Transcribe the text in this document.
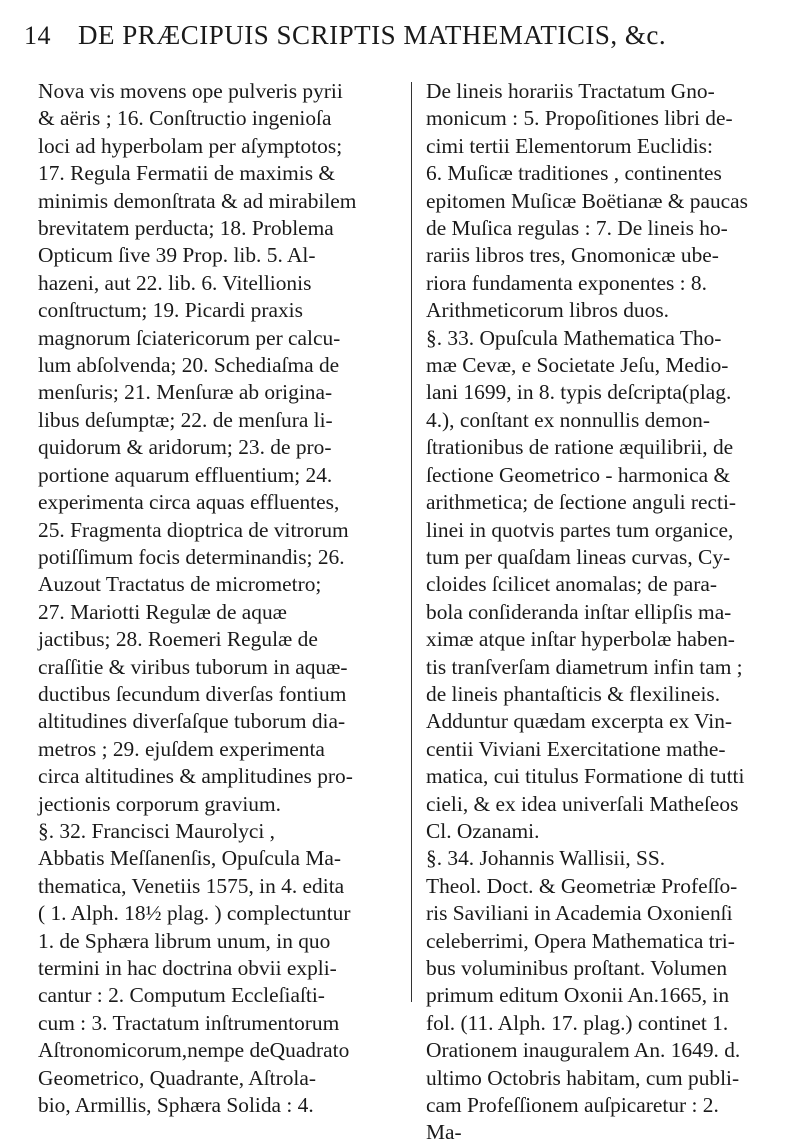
14	DE PRÆCIPUIS SCRIPTIS MATHEMATICIS, &c.
Nova vis movens ope pulveris pyrii
& aëris ; 16. Conſtructio ingenioſa
loci ad hyperbolam per aſymptotos;
17. Regula Fermatii de maximis &
minimis demonſtrata & ad mirabilem
brevitatem perducta; 18. Problema
Opticum ſive 39 Prop. lib. 5. Al-
hazeni, aut 22. lib. 6. Vitellionis
conſtructum; 19. Picardi praxis
magnorum ſciatericorum per calcu-
lum abſolvenda; 20. Schediaſma de
menſuris; 21. Menſuræ ab origina-
libus deſumptæ; 22. de menſura li-
quidorum & aridorum; 23. de pro-
portione aquarum effluentium; 24.
experimenta circa aquas effluentes,
25. Fragmenta dioptrica de vitrorum
potiſſimum focis determinandis; 26.
Auzout Tractatus de micrometro;
27. Mariotti Regulæ de aquæ
jactibus; 28. Roemeri Regulæ de
craſſitie & viribus tuborum in aquæ-
ductibus ſecundum diverſas fontium
altitudines diverſaſque tuborum dia-
metros ; 29. ejuſdem experimenta
circa altitudines & amplitudines pro-
jectionis corporum gravium.
§. 32. Francisci Maurolyci ,
Abbatis Meſſanenſis, Opuſcula Ma-
thematica, Venetiis 1575, in 4. edita
( 1. Alph. 18½ plag. ) complectuntur
1. de Sphæra librum unum, in quo
termini in hac doctrina obvii expli-
cantur : 2. Computum Eccleſiaſti-
cum : 3. Tractatum inſtrumentorum
Aſtronomicorum,nempe deQuadrato
Geometrico, Quadrante, Aſtrola-
bio, Armillis, Sphæra Solida : 4.
De lineis horariis Tractatum Gno-
monicum : 5. Propoſitiones libri de-
cimi tertii Elementorum Euclidis:
6. Muſicæ traditiones , continentes
epitomen Muſicæ Boëtianæ & paucas
de Muſica regulas : 7. De lineis ho-
rariis libros tres, Gnomonicæ ube-
riora fundamenta exponentes : 8.
Arithmeticorum libros duos.
§. 33. Opuſcula Mathematica Tho-
mæ Cevæ, e Societate Jeſu, Medio-
lani 1699, in 8. typis deſcripta(plag.
4.), conſtant ex nonnullis demon-
ſtrationibus de ratione æquilibrii, de
ſectione Geometrico - harmonica &
arithmetica; de ſectione anguli recti-
linei in quotvis partes tum organice,
tum per quaſdam lineas curvas, Cy-
cloides ſcilicet anomalas; de para-
bola conſideranda inſtar ellipſis ma-
ximæ atque inſtar hyperbolæ haben-
tis tranſverſam diametrum infin tam ;
de lineis phantaſticis & flexilineis.
Adduntur quædam excerpta ex Vin-
centii Viviani Exercitatione mathe-
matica, cui titulus Formatione di tutti
cieli, & ex idea univerſali Matheſeos
Cl. Ozanami.
§. 34. Johannis Wallisii, SS.
Theol. Doct. & Geometriæ Profeſſo-
ris Saviliani in Academia Oxonienſi
celeberrimi, Opera Mathematica tri-
bus voluminibus proſtant. Volumen
primum editum Oxonii An.1665, in
fol. (11. Alph. 17. plag.) continet 1.
Orationem inauguralem An. 1649. d.
ultimo Octobris habitam, cum publi-
cam Profeſſionem auſpicaretur : 2.
Ma-
